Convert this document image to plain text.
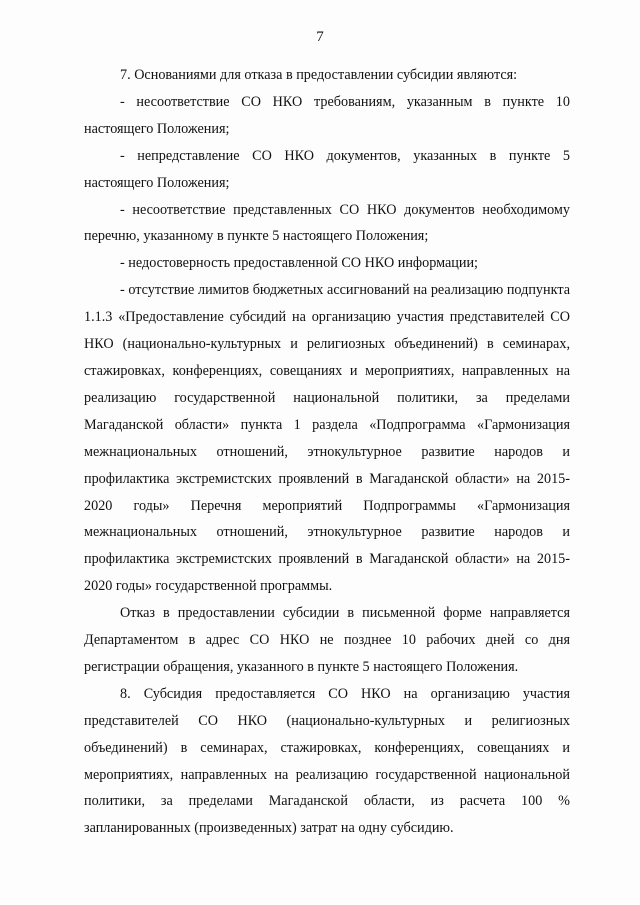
7

7. Основаниями для отказа в предоставлении субсидии являются:

- несоответствие СО НКО требованиям, указанным в пункте 10 настоящего Положения;

- непредставление СО НКО документов, указанных в пункте 5 настоящего Положения;

- несоответствие представленных СО НКО документов необходимому перечню, указанному в пункте 5 настоящего Положения;

- недостоверность предоставленной СО НКО информации;

- отсутствие лимитов бюджетных ассигнований на реализацию подпункта 1.1.3 «Предоставление субсидий на организацию участия представителей СО НКО (национально-культурных и религиозных объединений) в семинарах, стажировках, конференциях, совещаниях и мероприятиях, направленных на реализацию государственной национальной политики, за пределами Магаданской области» пункта 1 раздела «Подпрограмма «Гармонизация межнациональных отношений, этнокультурное развитие народов и профилактика экстремистских проявлений в Магаданской области» на 2015-2020 годы» Перечня мероприятий Подпрограммы «Гармонизация межнациональных отношений, этнокультурное развитие народов и профилактика экстремистских проявлений в Магаданской области» на 2015-2020 годы» государственной программы.

Отказ в предоставлении субсидии в письменной форме направляется Департаментом в адрес СО НКО не позднее 10 рабочих дней со дня регистрации обращения, указанного в пункте 5 настоящего Положения.

8. Субсидия предоставляется СО НКО на организацию участия представителей СО НКО (национально-культурных и религиозных объединений) в семинарах, стажировках, конференциях, совещаниях и мероприятиях, направленных на реализацию государственной национальной политики, за пределами Магаданской области, из расчета 100 % запланированных (произведенных) затрат на одну субсидию.
